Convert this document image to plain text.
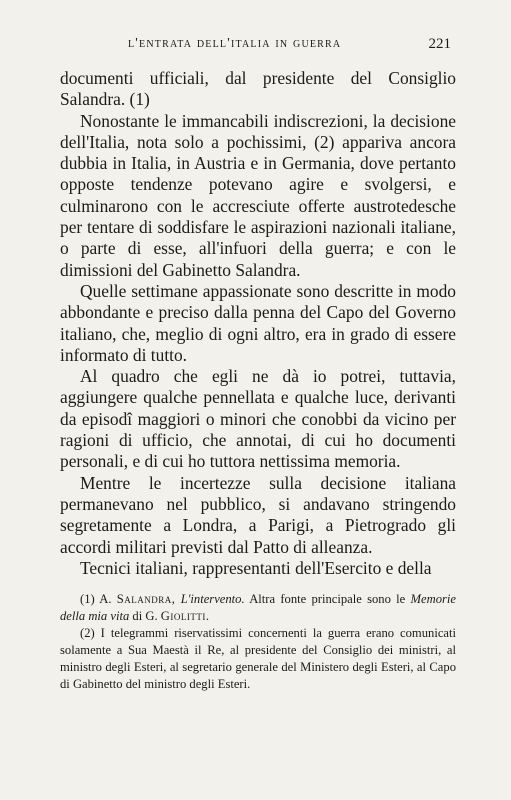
l'entrata dell'italia in guerra	221

documenti ufficiali, dal presidente del Consiglio Salandra. (1)

Nonostante le immancabili indiscrezioni, la decisione dell'Italia, nota solo a pochissimi, (2) appariva ancora dubbia in Italia, in Austria e in Germania, dove pertanto opposte tendenze potevano agire e svolgersi, e culminarono con le accresciute offerte austrotedesche per tentare di soddisfare le aspirazioni nazionali italiane, o parte di esse, all'infuori della guerra; e con le dimissioni del Gabinetto Salandra.

Quelle settimane appassionate sono descritte in modo abbondante e preciso dalla penna del Capo del Governo italiano, che, meglio di ogni altro, era in grado di essere informato di tutto.

Al quadro che egli ne dà io potrei, tuttavia, aggiungere qualche pennellata e qualche luce, derivanti da episodî maggiori o minori che conobbi da vicino per ragioni di ufficio, che annotai, di cui ho documenti personali, e di cui ho tuttora nettissima memoria.

Mentre le incertezze sulla decisione italiana permanevano nel pubblico, si andavano stringendo segretamente a Londra, a Parigi, a Pietrogrado gli accordi militari previsti dal Patto di alleanza.

Tecnici italiani, rappresentanti dell'Esercito e della

(1) A. Salandra, L'intervento. Altra fonte principale sono le Memorie della mia vita di G. Giolitti.

(2) I telegrammi riservatissimi concernenti la guerra erano comunicati solamente a Sua Maestà il Re, al presidente del Consiglio dei ministri, al ministro degli Esteri, al segretario generale del Ministero degli Esteri, al Capo di Gabinetto del ministro degli Esteri.
